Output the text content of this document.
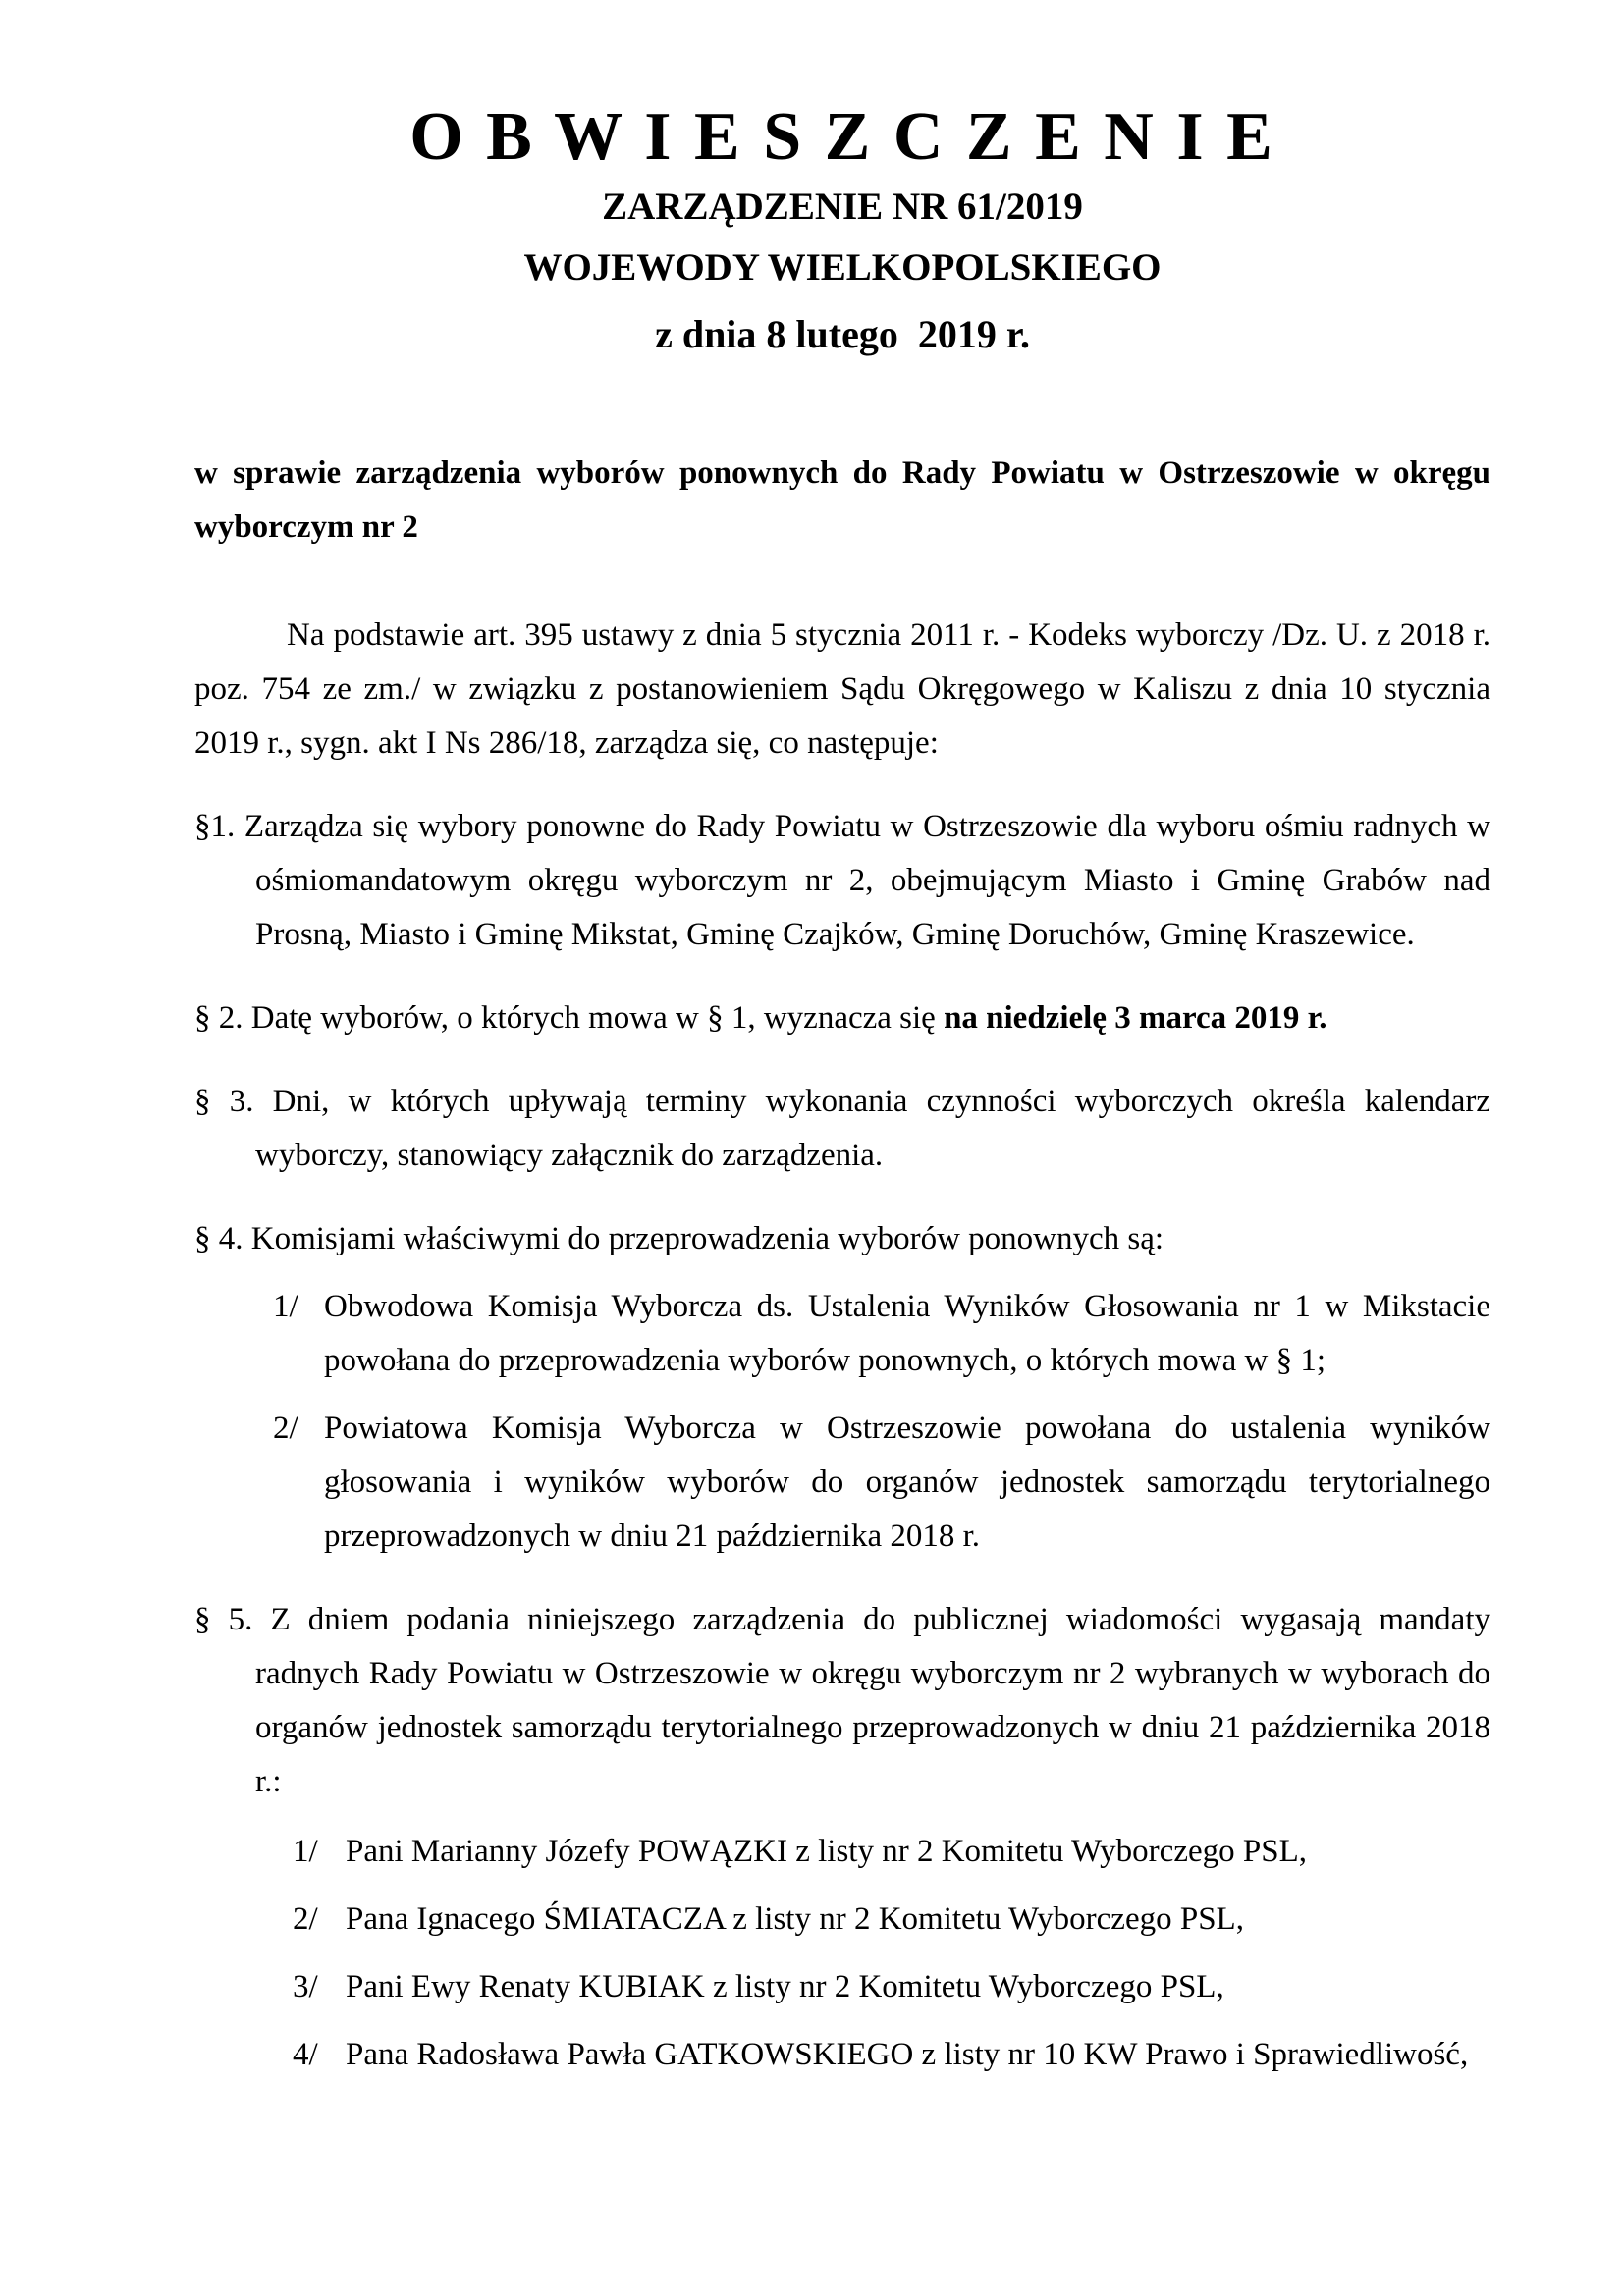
O B W I E S Z C Z E N I E
ZARZĄDZENIE NR 61/2019
WOJEWODY WIELKOPOLSKIEGO
z dnia 8 lutego  2019 r.

w sprawie zarządzenia wyborów ponownych do Rady Powiatu w Ostrzeszowie w okręgu wyborczym nr 2

Na podstawie art. 395 ustawy z dnia 5 stycznia 2011 r. - Kodeks wyborczy /Dz. U. z 2018 r. poz. 754 ze zm./ w związku z postanowieniem Sądu Okręgowego w Kaliszu z dnia 10 stycznia 2019 r., sygn. akt I Ns 286/18, zarządza się, co następuje:

§1. Zarządza się wybory ponowne do Rady Powiatu w Ostrzeszowie dla wyboru ośmiu radnych w ośmiomandatowym okręgu wyborczym nr 2, obejmującym Miasto i Gminę Grabów nad Prosną, Miasto i Gminę Mikstat, Gminę Czajków, Gminę Doruchów, Gminę Kraszewice.

§ 2. Datę wyborów, o których mowa w § 1, wyznacza się na niedzielę 3 marca 2019 r.

§ 3. Dni, w których upływają terminy wykonania czynności wyborczych określa kalendarz wyborczy, stanowiący załącznik do zarządzenia.

§ 4. Komisjami właściwymi do przeprowadzenia wyborów ponownych są:

1/ Obwodowa Komisja Wyborcza ds. Ustalenia Wyników Głosowania nr 1 w Mikstacie powołana do przeprowadzenia wyborów ponownych, o których mowa w § 1;

2/ Powiatowa Komisja Wyborcza w Ostrzeszowie powołana do ustalenia wyników głosowania i wyników wyborów do organów jednostek samorządu terytorialnego przeprowadzonych w dniu 21 października 2018 r.

§ 5. Z dniem podania niniejszego zarządzenia do publicznej wiadomości wygasają mandaty radnych Rady Powiatu w Ostrzeszowie w okręgu wyborczym nr 2 wybranych w wyborach do organów jednostek samorządu terytorialnego przeprowadzonych w dniu 21 października 2018 r.:

1/ Pani Marianny Józefy POWĄZKI z listy nr 2 Komitetu Wyborczego PSL,

2/ Pana Ignacego ŚMIATACZA z listy nr 2 Komitetu Wyborczego PSL,

3/ Pani Ewy Renaty KUBIAK z listy nr 2 Komitetu Wyborczego PSL,

4/ Pana Radosława Pawła GATKOWSKIEGO z listy nr 10 KW Prawo i Sprawiedliwość,
